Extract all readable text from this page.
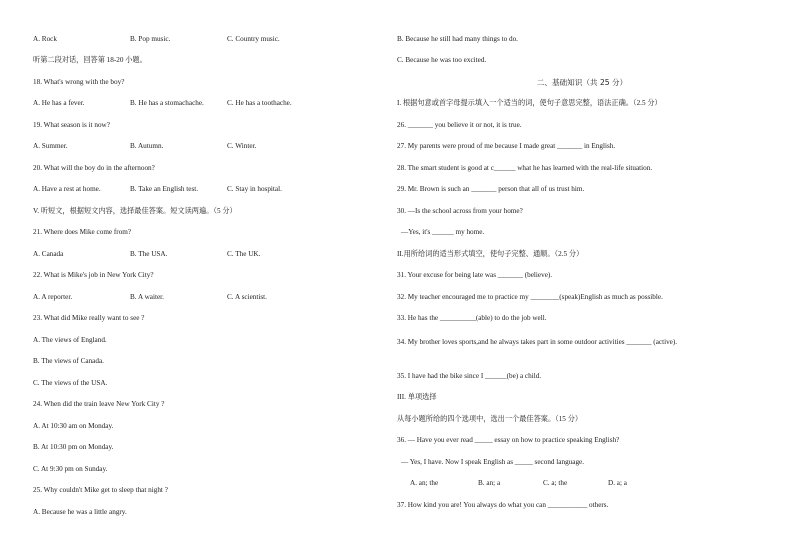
A. Rock	B. Pop music.	C. Country music.
听第二段对话，回答第 18-20 小题。
18. What's wrong with the boy?
A. He has a fever.	B. He has a stomachache.	C. He has a toothache.
19. What season is it now?
A. Summer.	B. Autumn.	C. Winter.
20. What will the boy do in the afternoon?
A. Have a rest at home.	B. Take an English test.	C. Stay in hospital.
V. 听短文，根据短文内容，选择最佳答案。短文读两遍。（5 分）
21. Where does Mike come from?
A. Canada	B. The USA.	C. The UK.
22. What is Mike's job in New York City?
A. A reporter.	B. A waiter.	C. A scientist.
23. What did Mike really want to see ?
A. The views of England.
B. The views of Canada.
C. The views of the USA.
24. When did the train leave New York City ?
A. At 10:30 am on Monday.
B. At 10:30 pm on Monday.
C. At 9:30 pm on Sunday.
25. Why couldn't Mike get to sleep that night ?
A. Because he was a little angry.
B. Because he still had many things to do.
C. Because he was too excited.
二、基础知识（共 25 分）
I. 根据句意或首字母提示填入一个适当的词，使句子意思完整，语法正确。（2.5 分）
26. _______ you believe it or not, it is true.
27. My parents were proud of me because I made great _______ in English.
28. The smart student is good at c______ what he has learned with the real-life situation.
29. Mr. Brown is such an _______ person that all of us trust him.
30. —Is the school across from your home?
—Yes, it's ______ my home.
II.用所给词的适当形式填空，使句子完整、通顺。（2.5 分）
31. Your excuse for being late was _______ (believe).
32. My teacher encouraged me to practice my ________(speak)English as much as possible.
33. He has the __________(able) to do the job well.
34. My brother loves sports,and he always takes part in some outdoor activities _______ (active).
35. I have had the bike since I ______(be) a child.
III. 单项选择
从每小题所给的四个选项中，选出一个最佳答案。（15 分）
36. — Have you ever read _____ essay on how to practice speaking English?
— Yes, I have. Now I speak English as _____ second language.
A. an; the	B. an; a	C. a; the	D. a; a
37. How kind you are! You always do what you can ___________ others.
